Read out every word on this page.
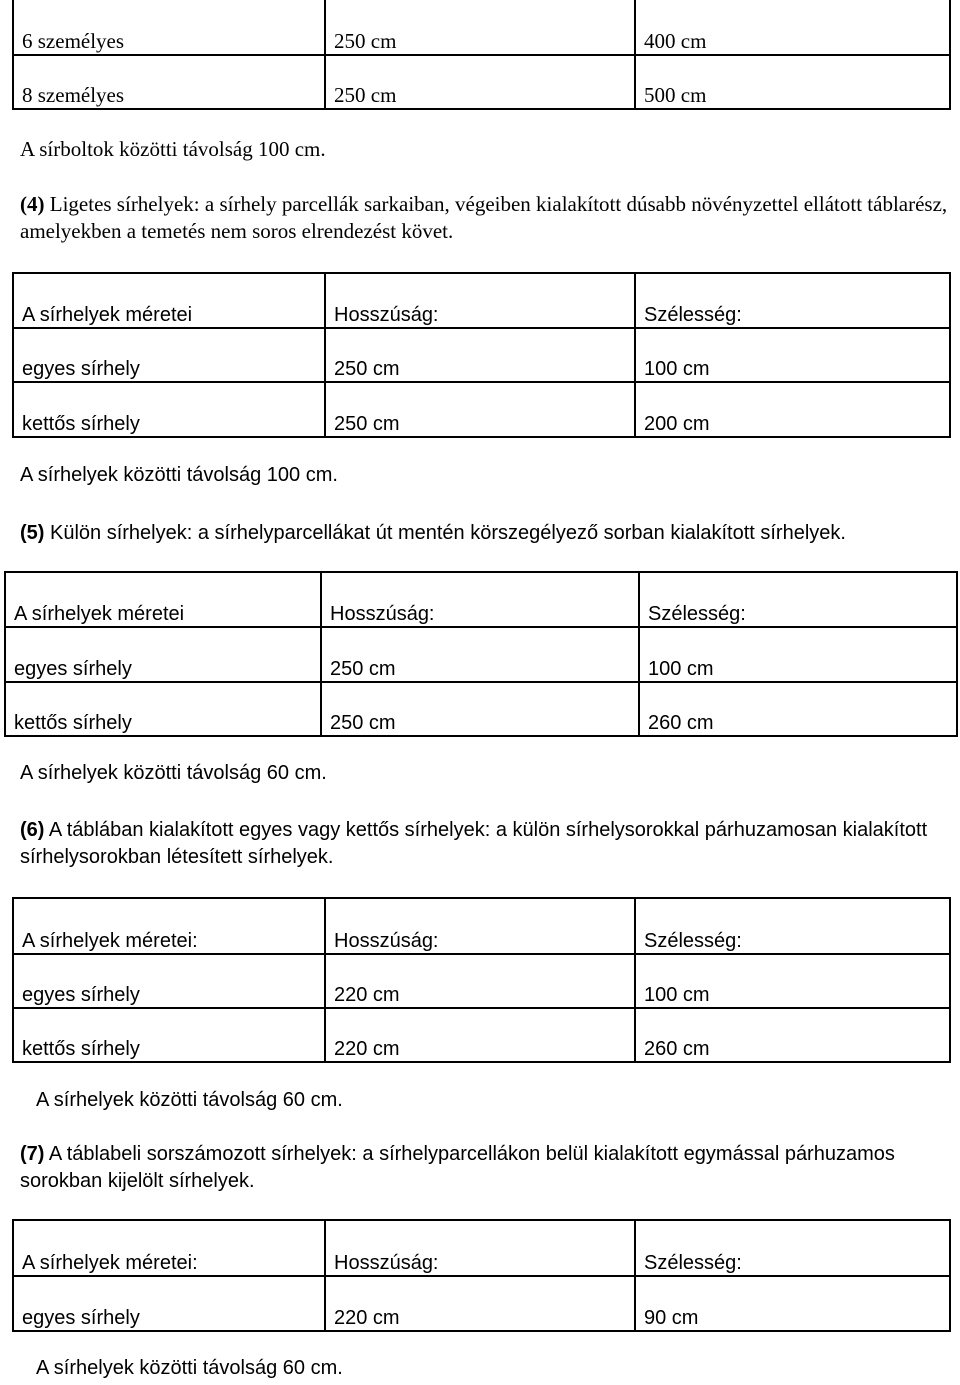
6 személyes	250 cm	400 cm
8 személyes	250 cm	500 cm
A sírboltok közötti távolság 100 cm.
(4) Ligetes sírhelyek: a sírhely parcellák sarkaiban, végeiben kialakított dúsabb növényzettel ellátott táblarész, amelyekben a temetés nem soros elrendezést követ.
A sírhelyek méretei	Hosszúság:	Szélesség:
egyes sírhely	250 cm	100 cm
kettős sírhely	250 cm	200 cm
A sírhelyek közötti távolság 100 cm.
(5) Külön sírhelyek: a sírhelyparcellákat út mentén körszegélyező sorban kialakított sírhelyek.
A sírhelyek méretei	Hosszúság:	Szélesség:
egyes sírhely	250 cm	100 cm
kettős sírhely	250 cm	260 cm
A sírhelyek közötti távolság 60 cm.
(6) A táblában kialakított egyes vagy kettős sírhelyek: a külön sírhelysorokkal párhuzamosan kialakított sírhelysorokban létesített sírhelyek.
A sírhelyek méretei:	Hosszúság:	Szélesség:
egyes sírhely	220 cm	100 cm
kettős sírhely	220 cm	260 cm
A sírhelyek közötti távolság 60 cm.
(7) A táblabeli sorszámozott sírhelyek: a sírhelyparcellákon belül kialakított egymással párhuzamos sorokban kijelölt sírhelyek.
A sírhelyek méretei:	Hosszúság:	Szélesség:
egyes sírhely	220 cm	90 cm
A sírhelyek közötti távolság 60 cm.
